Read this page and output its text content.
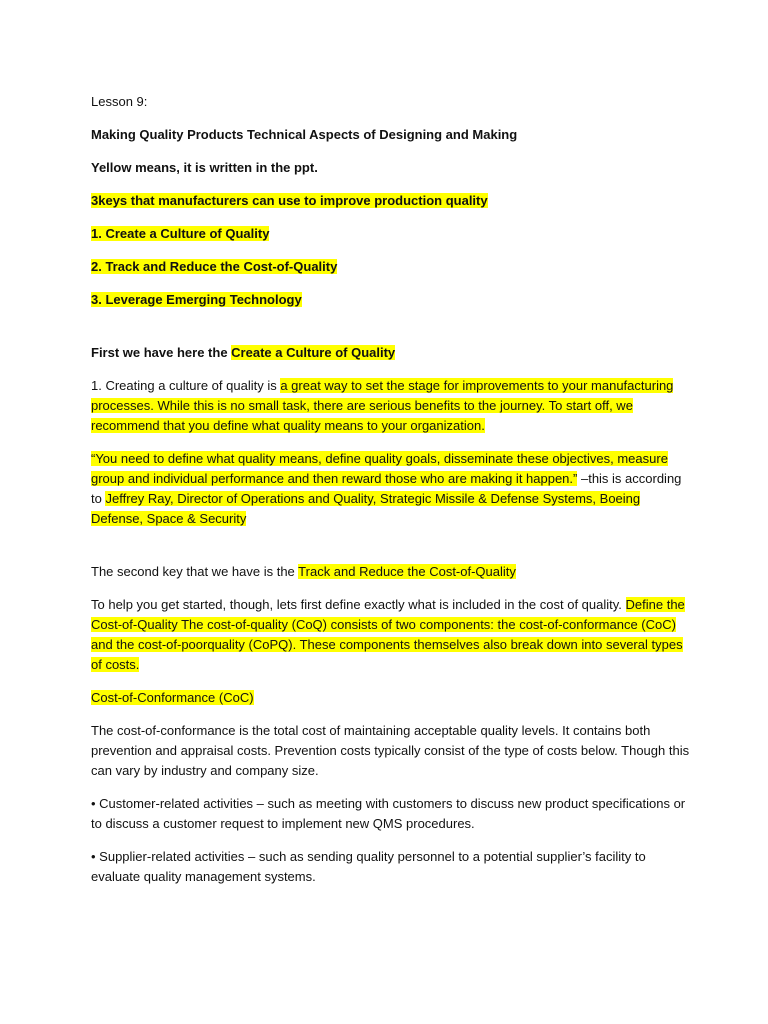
Lesson 9:

Making Quality Products Technical Aspects of Designing and Making

Yellow means, it is written in the ppt.

3keys that manufacturers can use to improve production quality

1. Create a Culture of Quality

2. Track and Reduce the Cost-of-Quality

3. Leverage Emerging Technology

First we have here the Create a Culture of Quality

1. Creating a culture of quality is a great way to set the stage for improvements to your manufacturing processes. While this is no small task, there are serious benefits to the journey. To start off, we recommend that you define what quality means to your organization.

“You need to define what quality means, define quality goals, disseminate these objectives, measure group and individual performance and then reward those who are making it happen.” –this is according to Jeffrey Ray, Director of Operations and Quality, Strategic Missile & Defense Systems, Boeing Defense, Space & Security

The second key that we have is the Track and Reduce the Cost-of-Quality

To help you get started, though, lets first define exactly what is included in the cost of quality. Define the Cost-of-Quality The cost-of-quality (CoQ) consists of two components: the cost-of-conformance (CoC) and the cost-of-poorquality (CoPQ). These components themselves also break down into several types of costs.

Cost-of-Conformance (CoC)

The cost-of-conformance is the total cost of maintaining acceptable quality levels. It contains both prevention and appraisal costs. Prevention costs typically consist of the type of costs below. Though this can vary by industry and company size.

• Customer-related activities – such as meeting with customers to discuss new product specifications or to discuss a customer request to implement new QMS procedures.

• Supplier-related activities – such as sending quality personnel to a potential supplier’s facility to evaluate quality management systems.
